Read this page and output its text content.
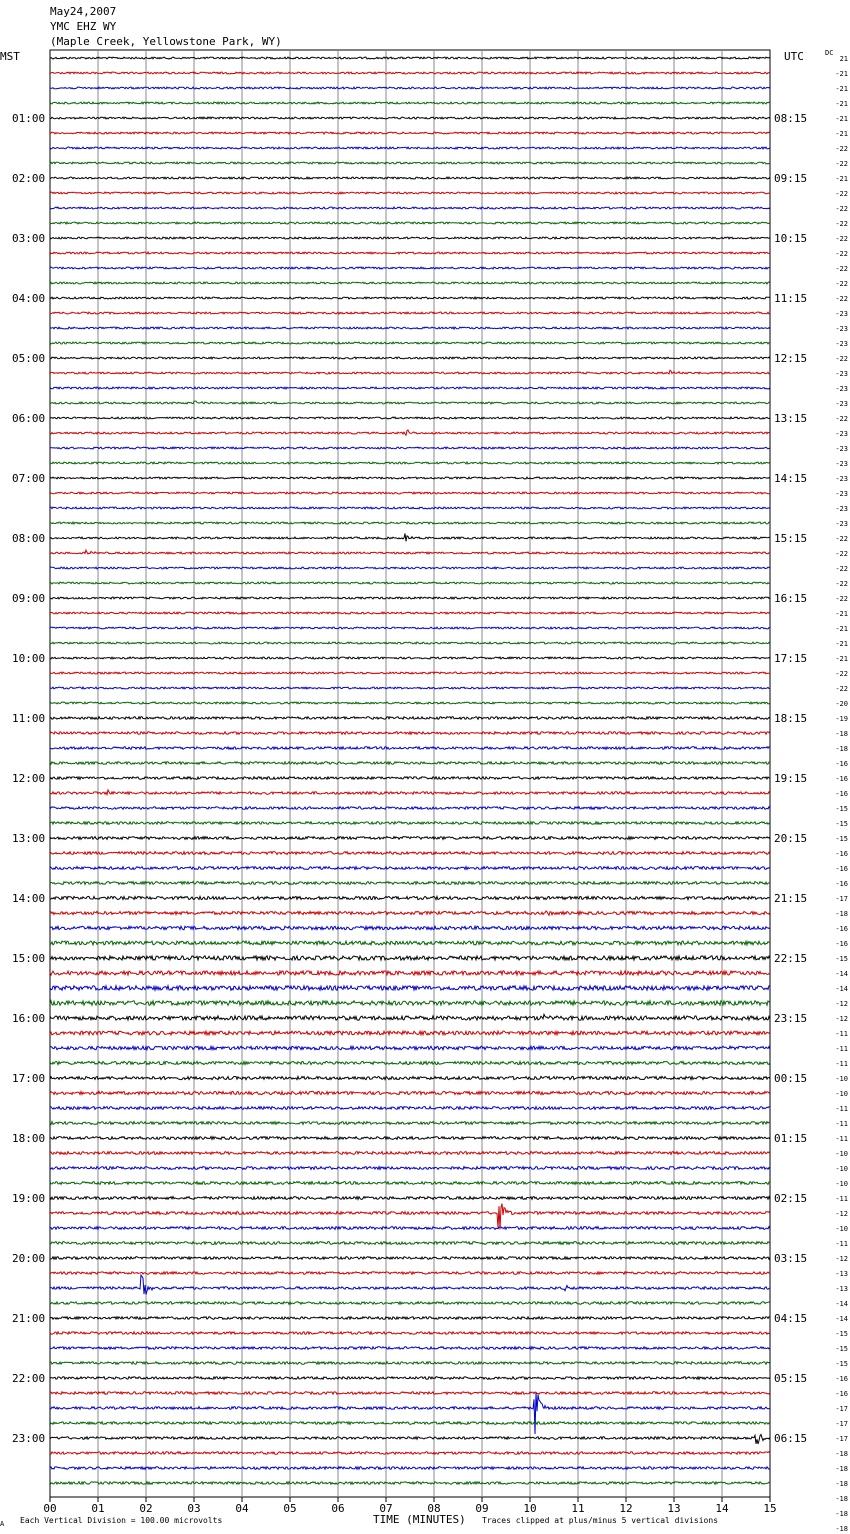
May24,2007
YMC EHZ WY
(Maple Creek, Yellowstone Park, WY)
MST	UTC	DC
01:00
02:00
03:00
04:00
05:00
06:00
07:00
08:00
09:00
10:00
11:00
12:00
13:00
14:00
15:00
16:00
17:00
18:00
19:00
20:00
21:00
22:00
23:00
08:15
09:15
10:15
11:15
12:15
13:15
14:15
15:15
16:15
17:15
18:15
19:15
20:15
21:15
22:15
23:15
00:15
01:15
02:15
03:15
04:15
05:15
06:15
21
-21
-21
-21
-21
-21
-22
-22
-21
-22
-22
-22
-22
-22
-22
-22
-22
-23
-23
-23
-22
-23
-23
-23
-22
-23
-23
-23
-23
-23
-23
-23
-22
-22
-22
-22
-22
-21
-21
-21
-21
-22
-22
-20
-19
-18
-18
-16
-16
-16
-15
-15
-15
-16
-16
-16
-17
-18
-16
-16
-15
-14
-14
-12
-12
-11
-11
-11
-10
-10
-11
-11
-11
-10
-10
-10
-11
-12
-10
-11
-12
-13
-13
-14
-14
-15
-15
-15
-16
-16
-17
-17
-17
-18
-18
-18
-18
-18
-18
00	01	02	03	04	05	06	07	08	09	10	11	12	13	14	15
A Each Vertical Division = 100.00 microvolts	TIME (MINUTES) Traces clipped at plus/minus 5 vertical divisions
